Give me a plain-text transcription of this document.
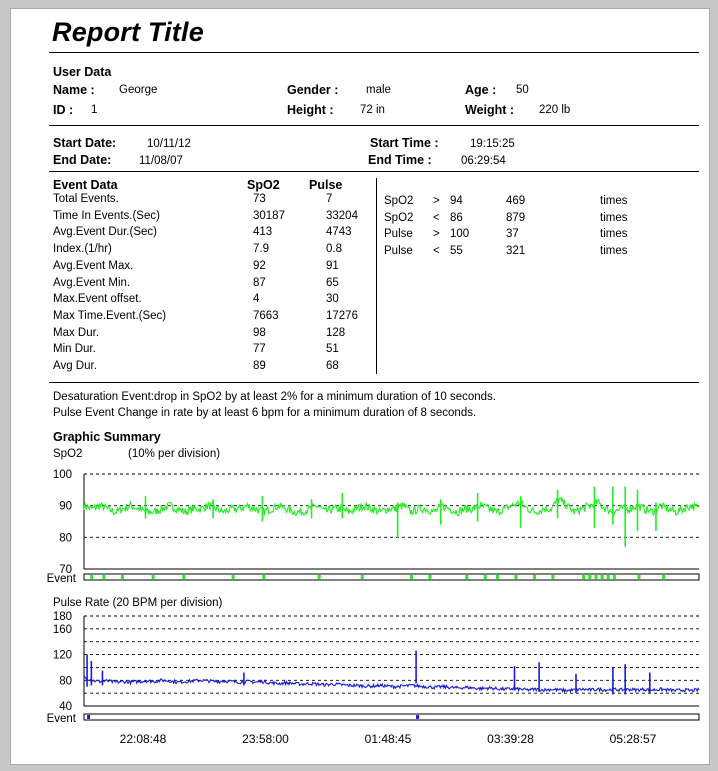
Report Title
User Data
Name : George	Gender : male	Age : 50
ID : 1	Height : 72 in	Weight : 220 lb
Start Date:	10/11/12
End Date: 11/08/07
Start Time :	19:15:25
End Time :	06:29:54
Event Data	SpO2 Pulse
Total Events.	73	7
Time In Events.(Sec)	30187	33204
Avg.Event Dur.(Sec)	413	4743
Index.(1/hr)	7.9	0.8
Avg.Event Max.	92	91
Avg.Event Min.	87	65
Max.Event offset.	4	30
Max Time.Event.(Sec)	7663	17276
Max Dur.	98	128
Min Dur.	77	51
Avg Dur.	89	68
SpO2 > 94	469	times
SpO2 < 86	879	times
Pulse > 100	37	times
Pulse < 55	321	times
Desaturation Event:drop in SpO2 by at least 2% for a minimum duration of 10 seconds.
Pulse Event Change in rate by at least 6 bpm for a minimum duration of 8 seconds.
Graphic Summary
SpO2	(10% per division)
Pulse Rate (20 BPM per division)
100
90
80
70
Event
180
160
120
80
40
Event
22:08:48	23:58:00	01:48:45	03:39:28	05:28:57
